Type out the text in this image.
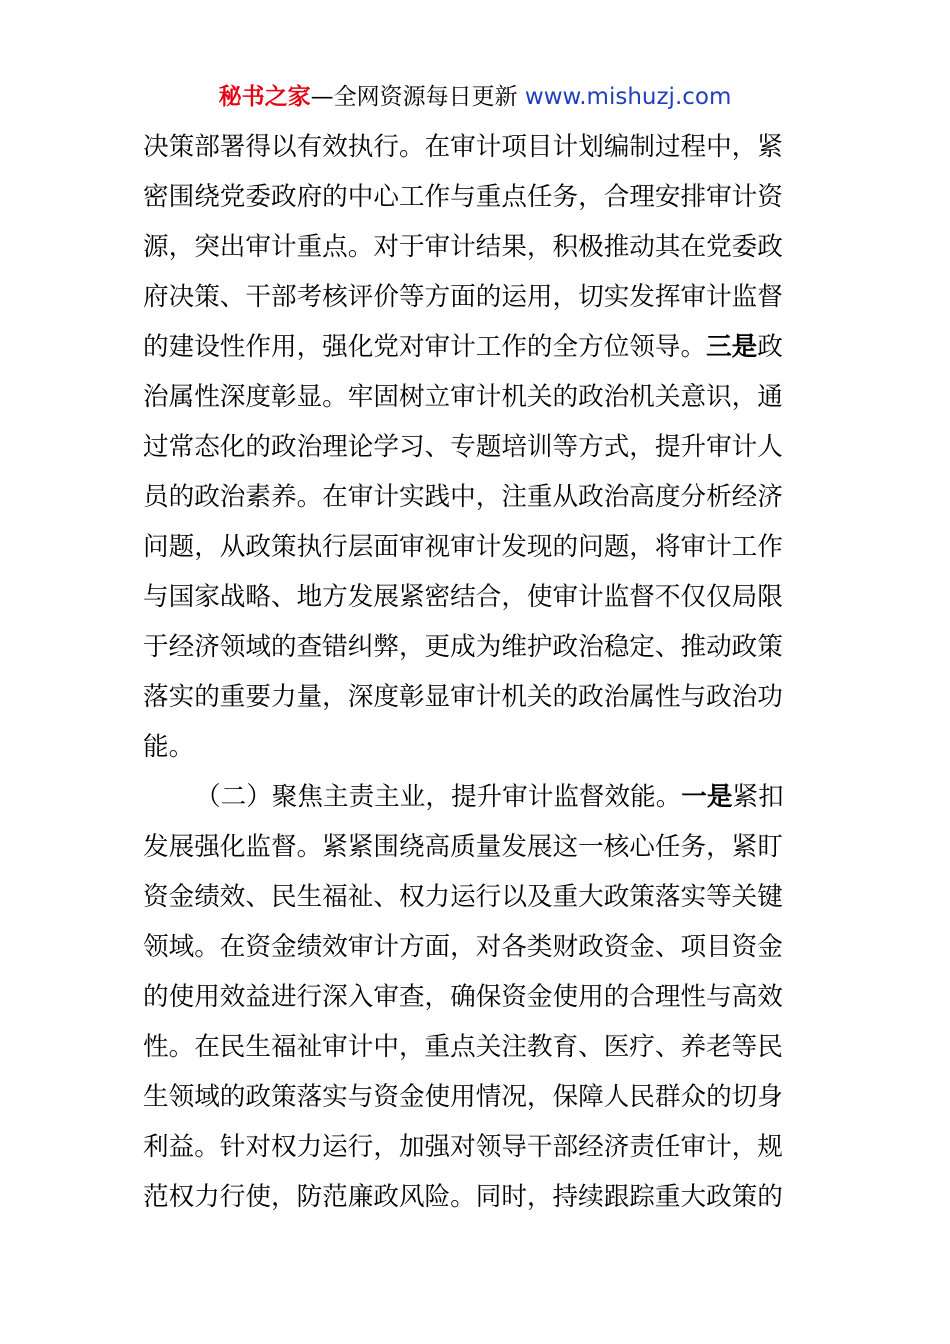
秘书之家—全网资源每日更新 www.mishuzj.com
决策部署得以有效执行。在审计项目计划编制过程中，紧
密围绕党委政府的中心工作与重点任务，合理安排审计资
源，突出审计重点。对于审计结果，积极推动其在党委政
府决策、干部考核评价等方面的运用，切实发挥审计监督
的建设性作用，强化党对审计工作的全方位领导。三是政
治属性深度彰显。牢固树立审计机关的政治机关意识，通
过常态化的政治理论学习、专题培训等方式，提升审计人
员的政治素养。在审计实践中，注重从政治高度分析经济
问题，从政策执行层面审视审计发现的问题，将审计工作
与国家战略、地方发展紧密结合，使审计监督不仅仅局限
于经济领域的查错纠弊，更成为维护政治稳定、推动政策
落实的重要力量，深度彰显审计机关的政治属性与政治功
能。
（二）聚焦主责主业，提升审计监督效能。一是紧扣
发展强化监督。紧紧围绕高质量发展这一核心任务，紧盯
资金绩效、民生福祉、权力运行以及重大政策落实等关键
领域。在资金绩效审计方面，对各类财政资金、项目资金
的使用效益进行深入审查，确保资金使用的合理性与高效
性。在民生福祉审计中，重点关注教育、医疗、养老等民
生领域的政策落实与资金使用情况，保障人民群众的切身
利益。针对权力运行，加强对领导干部经济责任审计，规
范权力行使，防范廉政风险。同时，持续跟踪重大政策的
